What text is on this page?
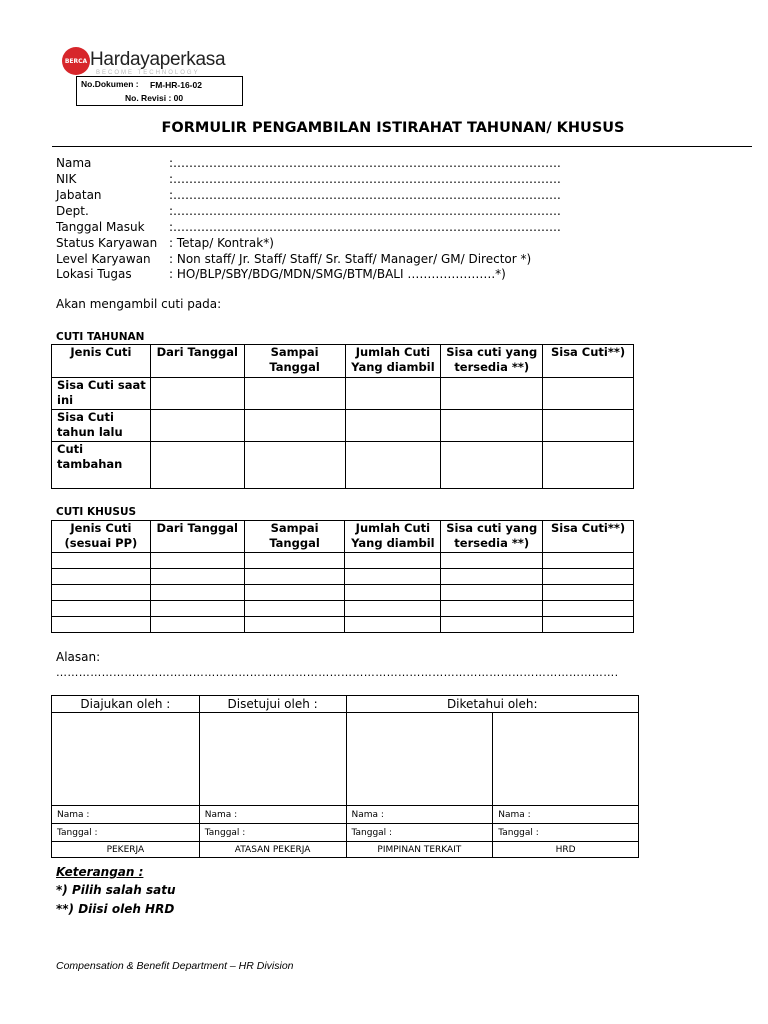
BERCA Hardayaperkasa
BECOME TECHNOLOGY
No.Dokumen :
No. Revisi : 00
FM-HR-16-02
FORMULIR PENGAMBILAN ISTIRAHAT TAHUNAN/ KHUSUS
Nama	:…………………………………………………………………………………….
NIK	:…………………………………………………………………………………….
Jabatan	:…………………………………………………………………………………….
Dept.	:…………………………………………………………………………………….
Tanggal Masuk :…………………………………………………………………………………….
Status Karyawan : Tetap/ Kontrak*)
Level Karyawan : Non staff/ Jr. Staff/ Staff/ Sr. Staff/ Manager/ GM/ Director *)
Lokasi Tugas	: HO/BLP/SBY/BDG/MDN/SMG/BTM/BALI ………………….*)
Akan mengambil cuti pada:
CUTI TAHUNAN
Jenis Cuti	Dari Tanggal	Sampai Tanggal	Jumlah Cuti Yang diambil	Sisa cuti yang tersedia **)	Sisa Cuti**)
Sisa Cuti saat ini					
Sisa Cuti tahun lalu					
Cuti tambahan					
CUTI KHUSUS
Jenis Cuti (sesuai PP)	Dari Tanggal	Sampai Tanggal	Jumlah Cuti Yang diambil	Sisa cuti yang tersedia **)	Sisa Cuti**)

Alasan:
………………………………………………………………………………………………………………………………….
Diajukan oleh :	Disetujui oleh :	Diketahui oleh:	

Nama :	Nama :	Nama :	Nama :
Tanggal :	Tanggal :	Tanggal :	Tanggal :
PEKERJA	ATASAN PEKERJA	PIMPINAN TERKAIT	HRD
Keterangan :
*) Pilih salah satu
**) Diisi oleh HRD
Compensation & Benefit Department – HR Division
